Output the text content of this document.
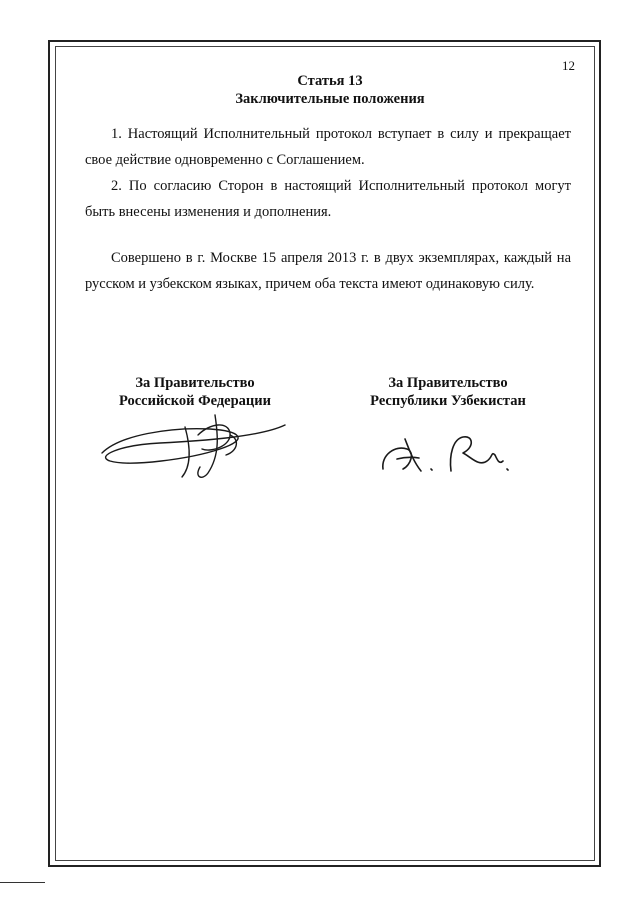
12
Статья 13
Заключительные положения
1. Настоящий Исполнительный протокол вступает в силу и прекращает свое действие одновременно с Соглашением.
2. По согласию Сторон в настоящий Исполнительный протокол могут быть внесены изменения и дополнения.
Совершено в г. Москве 15 апреля 2013 г. в двух экземплярах, каждый на русском и узбекском языках, причем оба текста имеют одинаковую силу.
За Правительство
Российской Федерации
За Правительство
Республики Узбекистан
